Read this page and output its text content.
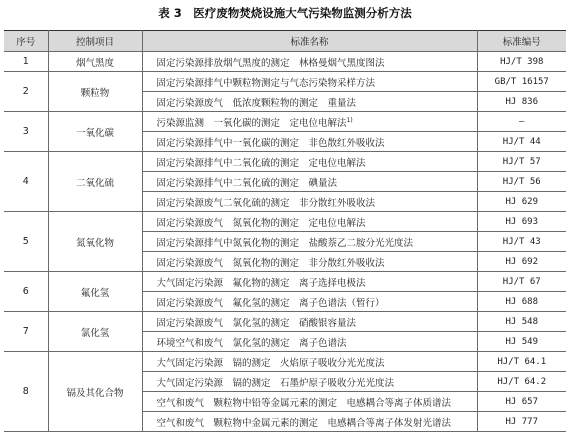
表 3　医疗废物焚烧设施大气污染物监测分析方法
序号	控制项目	标准名称	标准编号
1	烟气黑度	固定污染源排放烟气黑度的测定　林格曼烟气黑度图法	HJ/T 398
2	颗粒物	固定污染源排气中颗粒物测定与气态污染物采样方法	GB/T 16157
		固定污染源废气　低浓度颗粒物的测定　重量法	HJ 836
3	一氧化碳	污染源监测　一氧化碳的测定　定电位电解法$^{1)}$	—
		固定污染源排气中一氧化碳的测定　非色散红外吸收法	HJ/T 44
4	二氧化硫	固定污染源排气中二氧化硫的测定　定电位电解法	HJ/T 57
		固定污染源排气中二氧化硫的测定　碘量法	HJ/T 56
		固定污染源废气二氧化硫的测定　非分散红外吸收法	HJ 629
5	氮氧化物	固定污染源废气　氮氧化物的测定　定电位电解法	HJ 693
		固定污染源排气中氮氧化物的测定　盐酸萘乙二胺分光光度法	HJ/T 43
		固定污染源废气　氮氧化物的测定　非分散红外吸收法	HJ 692
6	氟化氢	大气固定污染源　氟化物的测定　离子选择电极法	HJ/T 67
		固定污染源废气　氟化氢的测定　离子色谱法（暂行）	HJ 688
7	氯化氢	固定污染源废气　氯化氢的测定　硝酸银容量法	HJ 548
		环境空气和废气　氯化氢的测定　离子色谱法	HJ 549
8	镉及其化合物	大气固定污染源　镉的测定　火焰原子吸收分光光度法	HJ/T 64.1
		大气固定污染源　镉的测定　石墨炉原子吸收分光光度法	HJ/T 64.2
		空气和废气　颗粒物中铅等金属元素的测定　电感耦合等离子体质谱法	HJ 657
		空气和废气　颗粒物中金属元素的测定　电感耦合等离子体发射光谱法	HJ 777
